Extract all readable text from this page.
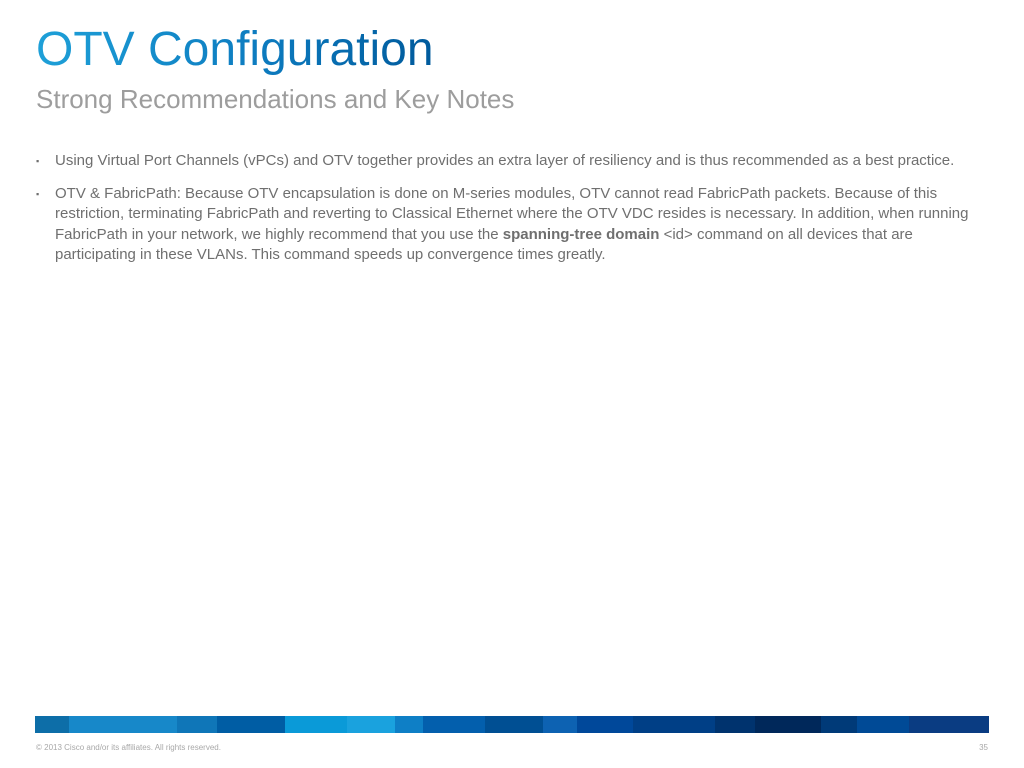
OTV Configuration
Strong Recommendations and Key Notes
▪ Using Virtual Port Channels (vPCs) and OTV together provides an extra layer of resiliency and is thus recommended as a best practice.
▪ OTV & FabricPath: Because OTV encapsulation is done on M-series modules, OTV cannot read FabricPath packets. Because of this restriction, terminating FabricPath and reverting to Classical Ethernet where the OTV VDC resides is necessary. In addition, when running FabricPath in your network, we highly recommend that you use the spanning-tree domain <id> command on all devices that are participating in these VLANs. This command speeds up convergence times greatly.
© 2013 Cisco and/or its affiliates. All rights reserved.	35
